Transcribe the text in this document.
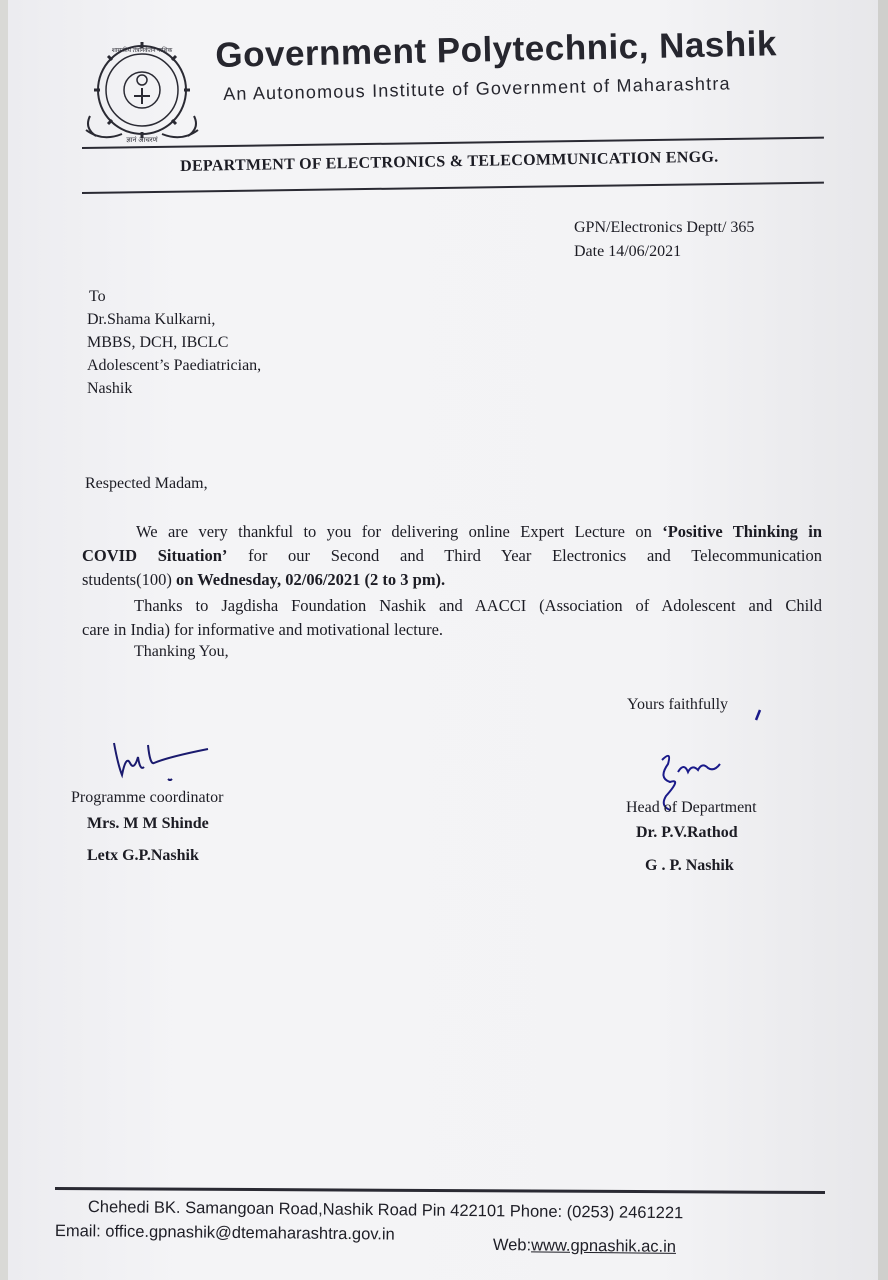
ज्ञानं आचरणं
शासकीय तंत्रनिकेतन नाशिक Government Polytechnic, Nashik
An Autonomous Institute of Government of Maharashtra
DEPARTMENT OF ELECTRONICS & TELECOMMUNICATION ENGG.
GPN/Electronics Deptt/ 365
Date 14/06/2021
To
Dr.Shama Kulkarni,
MBBS, DCH, IBCLC
Adolescent’s Paediatrician,
Nashik
Respected Madam,
We are very thankful to you for delivering online Expert Lecture on ‘Positive Thinking in
COVID Situation’ for our Second and Third Year Electronics and Telecommunication
students(100) on Wednesday, 02/06/2021 (2 to 3 pm).
Thanks to Jagdisha Foundation Nashik and AACCI (Association of Adolescent and Child
care in India) for informative and motivational lecture.
Thanking You,
Yours faithfully
Programme coordinator
Mrs. M M Shinde
Letx G.P.Nashik
Head of Department
Dr. P.V.Rathod
G . P. Nashik
Chehedi BK. Samangoan Road,Nashik Road Pin 422101 Phone: (0253) 2461221
Email: office.gpnashik@dtemaharashtra.gov.in
Web:www.gpnashik.ac.in
